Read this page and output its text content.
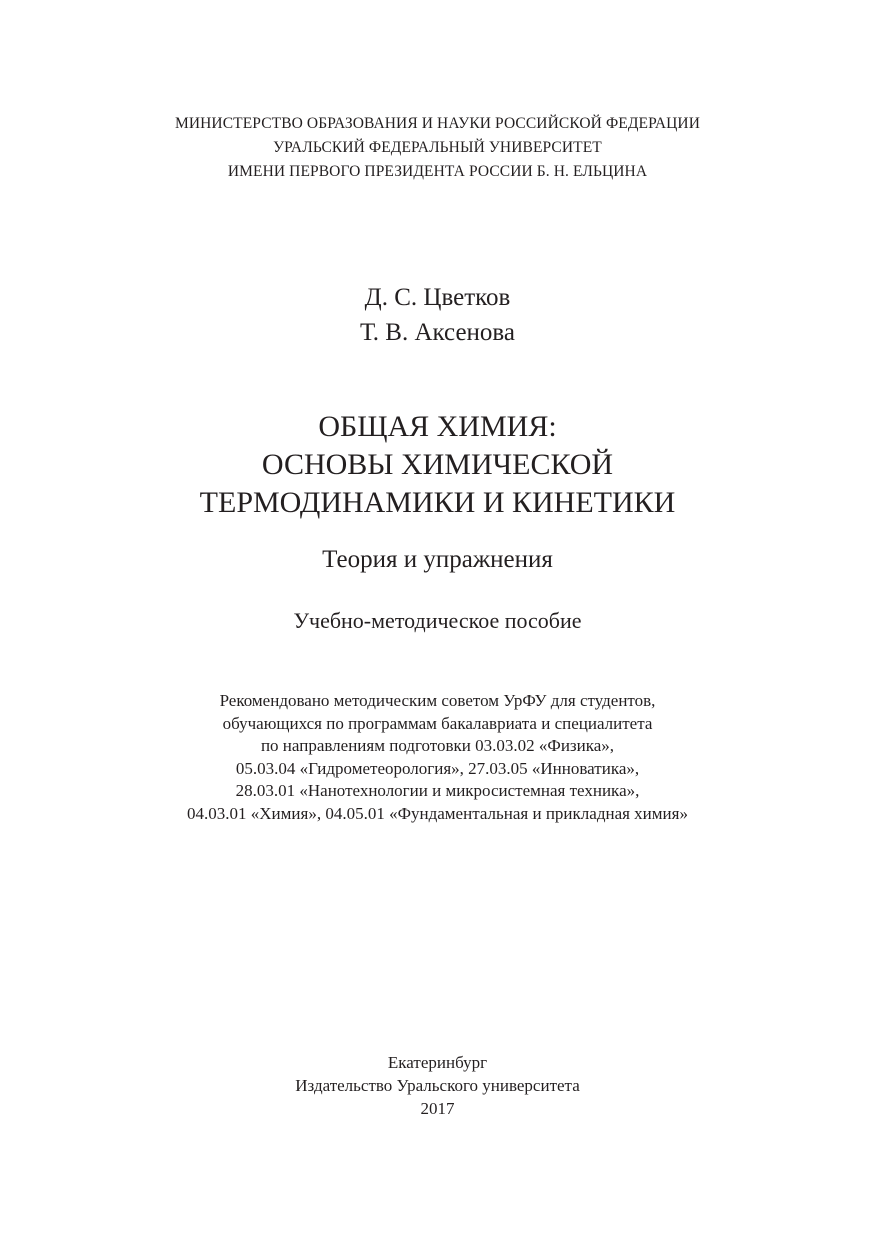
МИНИСТЕРСТВО ОБРАЗОВАНИЯ И НАУКИ РОССИЙСКОЙ ФЕДЕРАЦИИ
УРАЛЬСКИЙ ФЕДЕРАЛЬНЫЙ УНИВЕРСИТЕТ
ИМЕНИ ПЕРВОГО ПРЕЗИДЕНТА РОССИИ Б. Н. ЕЛЬЦИНА
Д. С. Цветков
Т. В. Аксенова
ОБЩАЯ ХИМИЯ:
ОСНОВЫ ХИМИЧЕСКОЙ
ТЕРМОДИНАМИКИ И КИНЕТИКИ
Теория и упражнения
Учебно-методическое пособие
Рекомендовано методическим советом УрФУ для студентов,
обучающихся по программам бакалавриата и специалитета
по направлениям подготовки 03.03.02 «Физика»,
05.03.04 «Гидрометеорология», 27.03.05 «Инноватика»,
28.03.01 «Нанотехнологии и микросистемная техника»,
04.03.01 «Химия», 04.05.01 «Фундаментальная и прикладная химия»
Екатеринбург
Издательство Уральского университета
2017
